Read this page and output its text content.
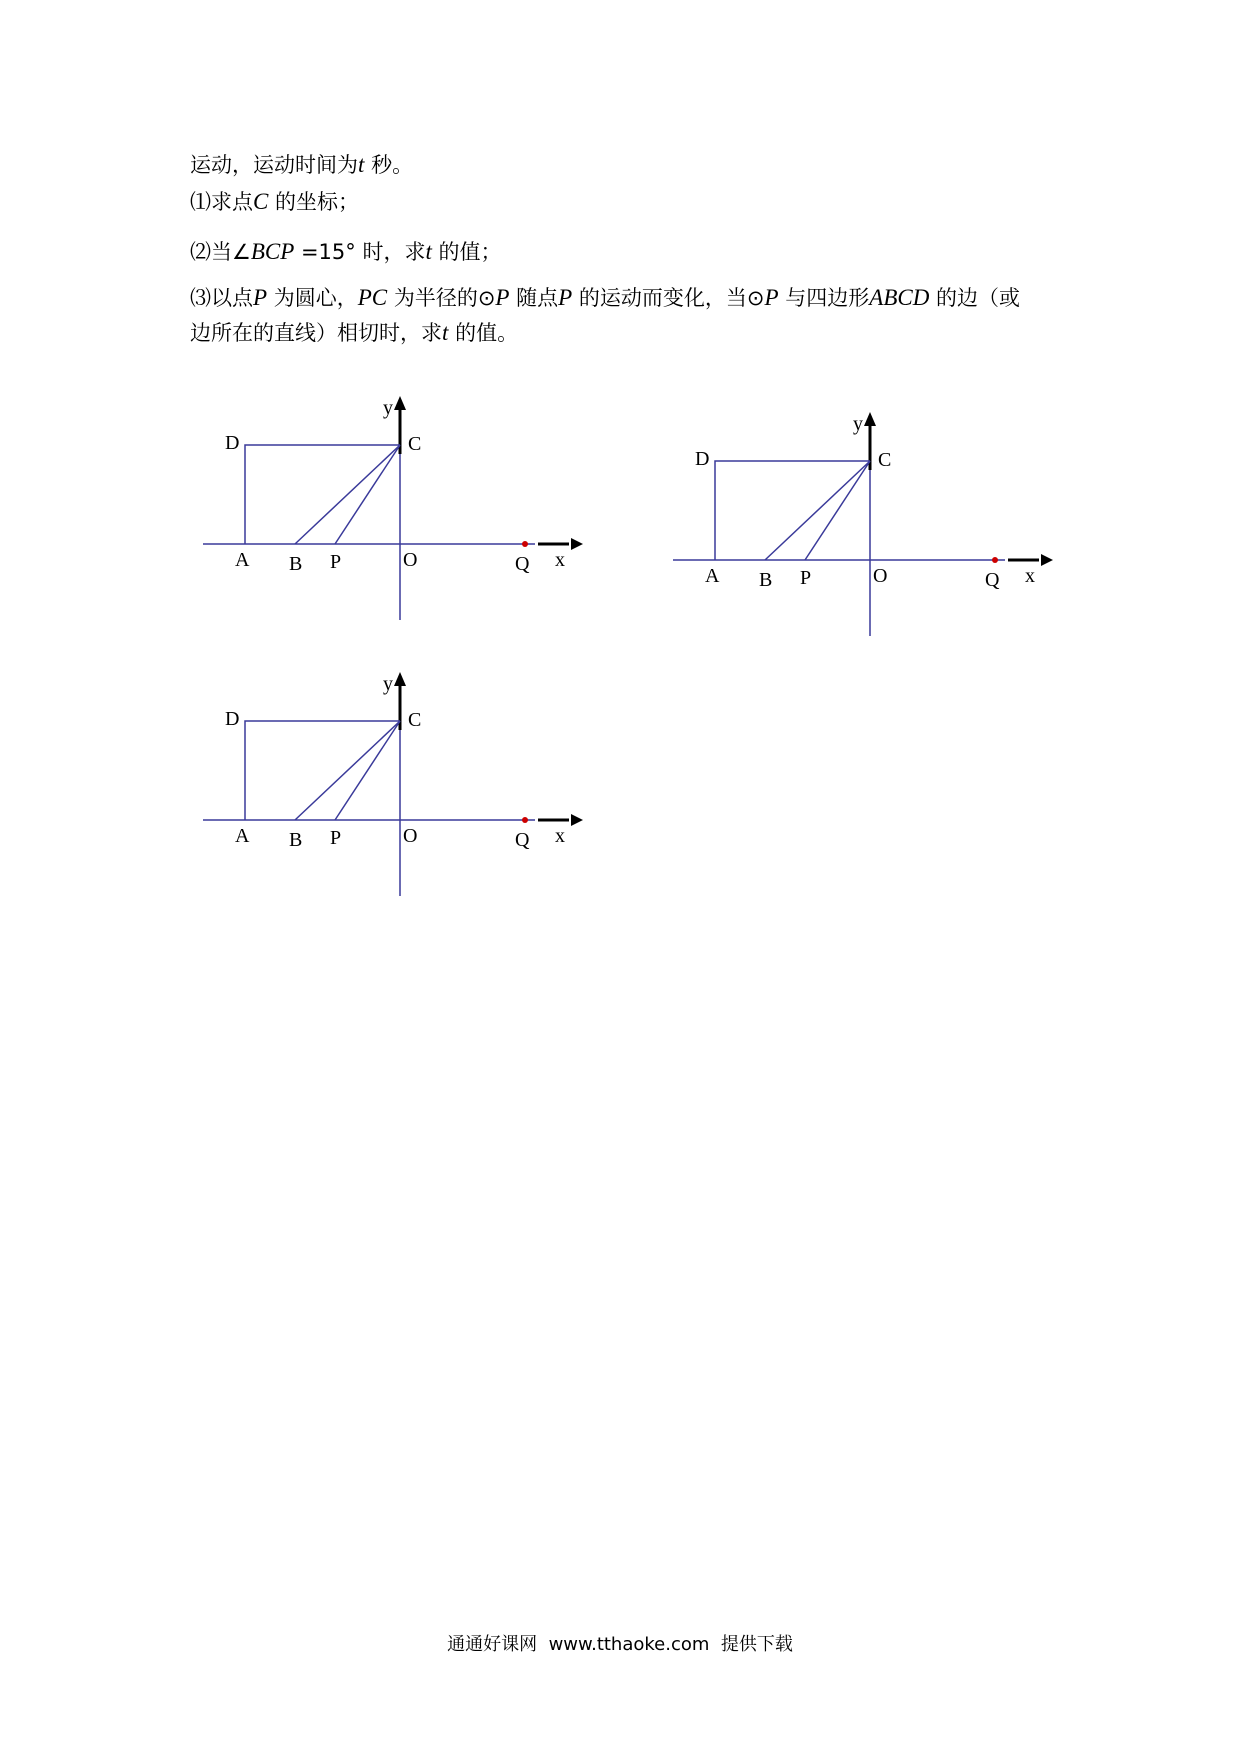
运动，运动时间为t 秒。

⑴求点C 的坐标；

⑵当∠BCP =15° 时，求t 的值；

⑶以点P 为圆心，PC 为半径的⊙P 随点P 的运动而变化，当⊙P 与四边形ABCD 的边（或

边所在的直线）相切时，求t 的值。

y
x
D	C
A B P	O	Q
y
x
D	C
A B P	O	Q
y
x
D	C
A B P	O	Q
通通好课网  www.tthaoke.com  提供下载
